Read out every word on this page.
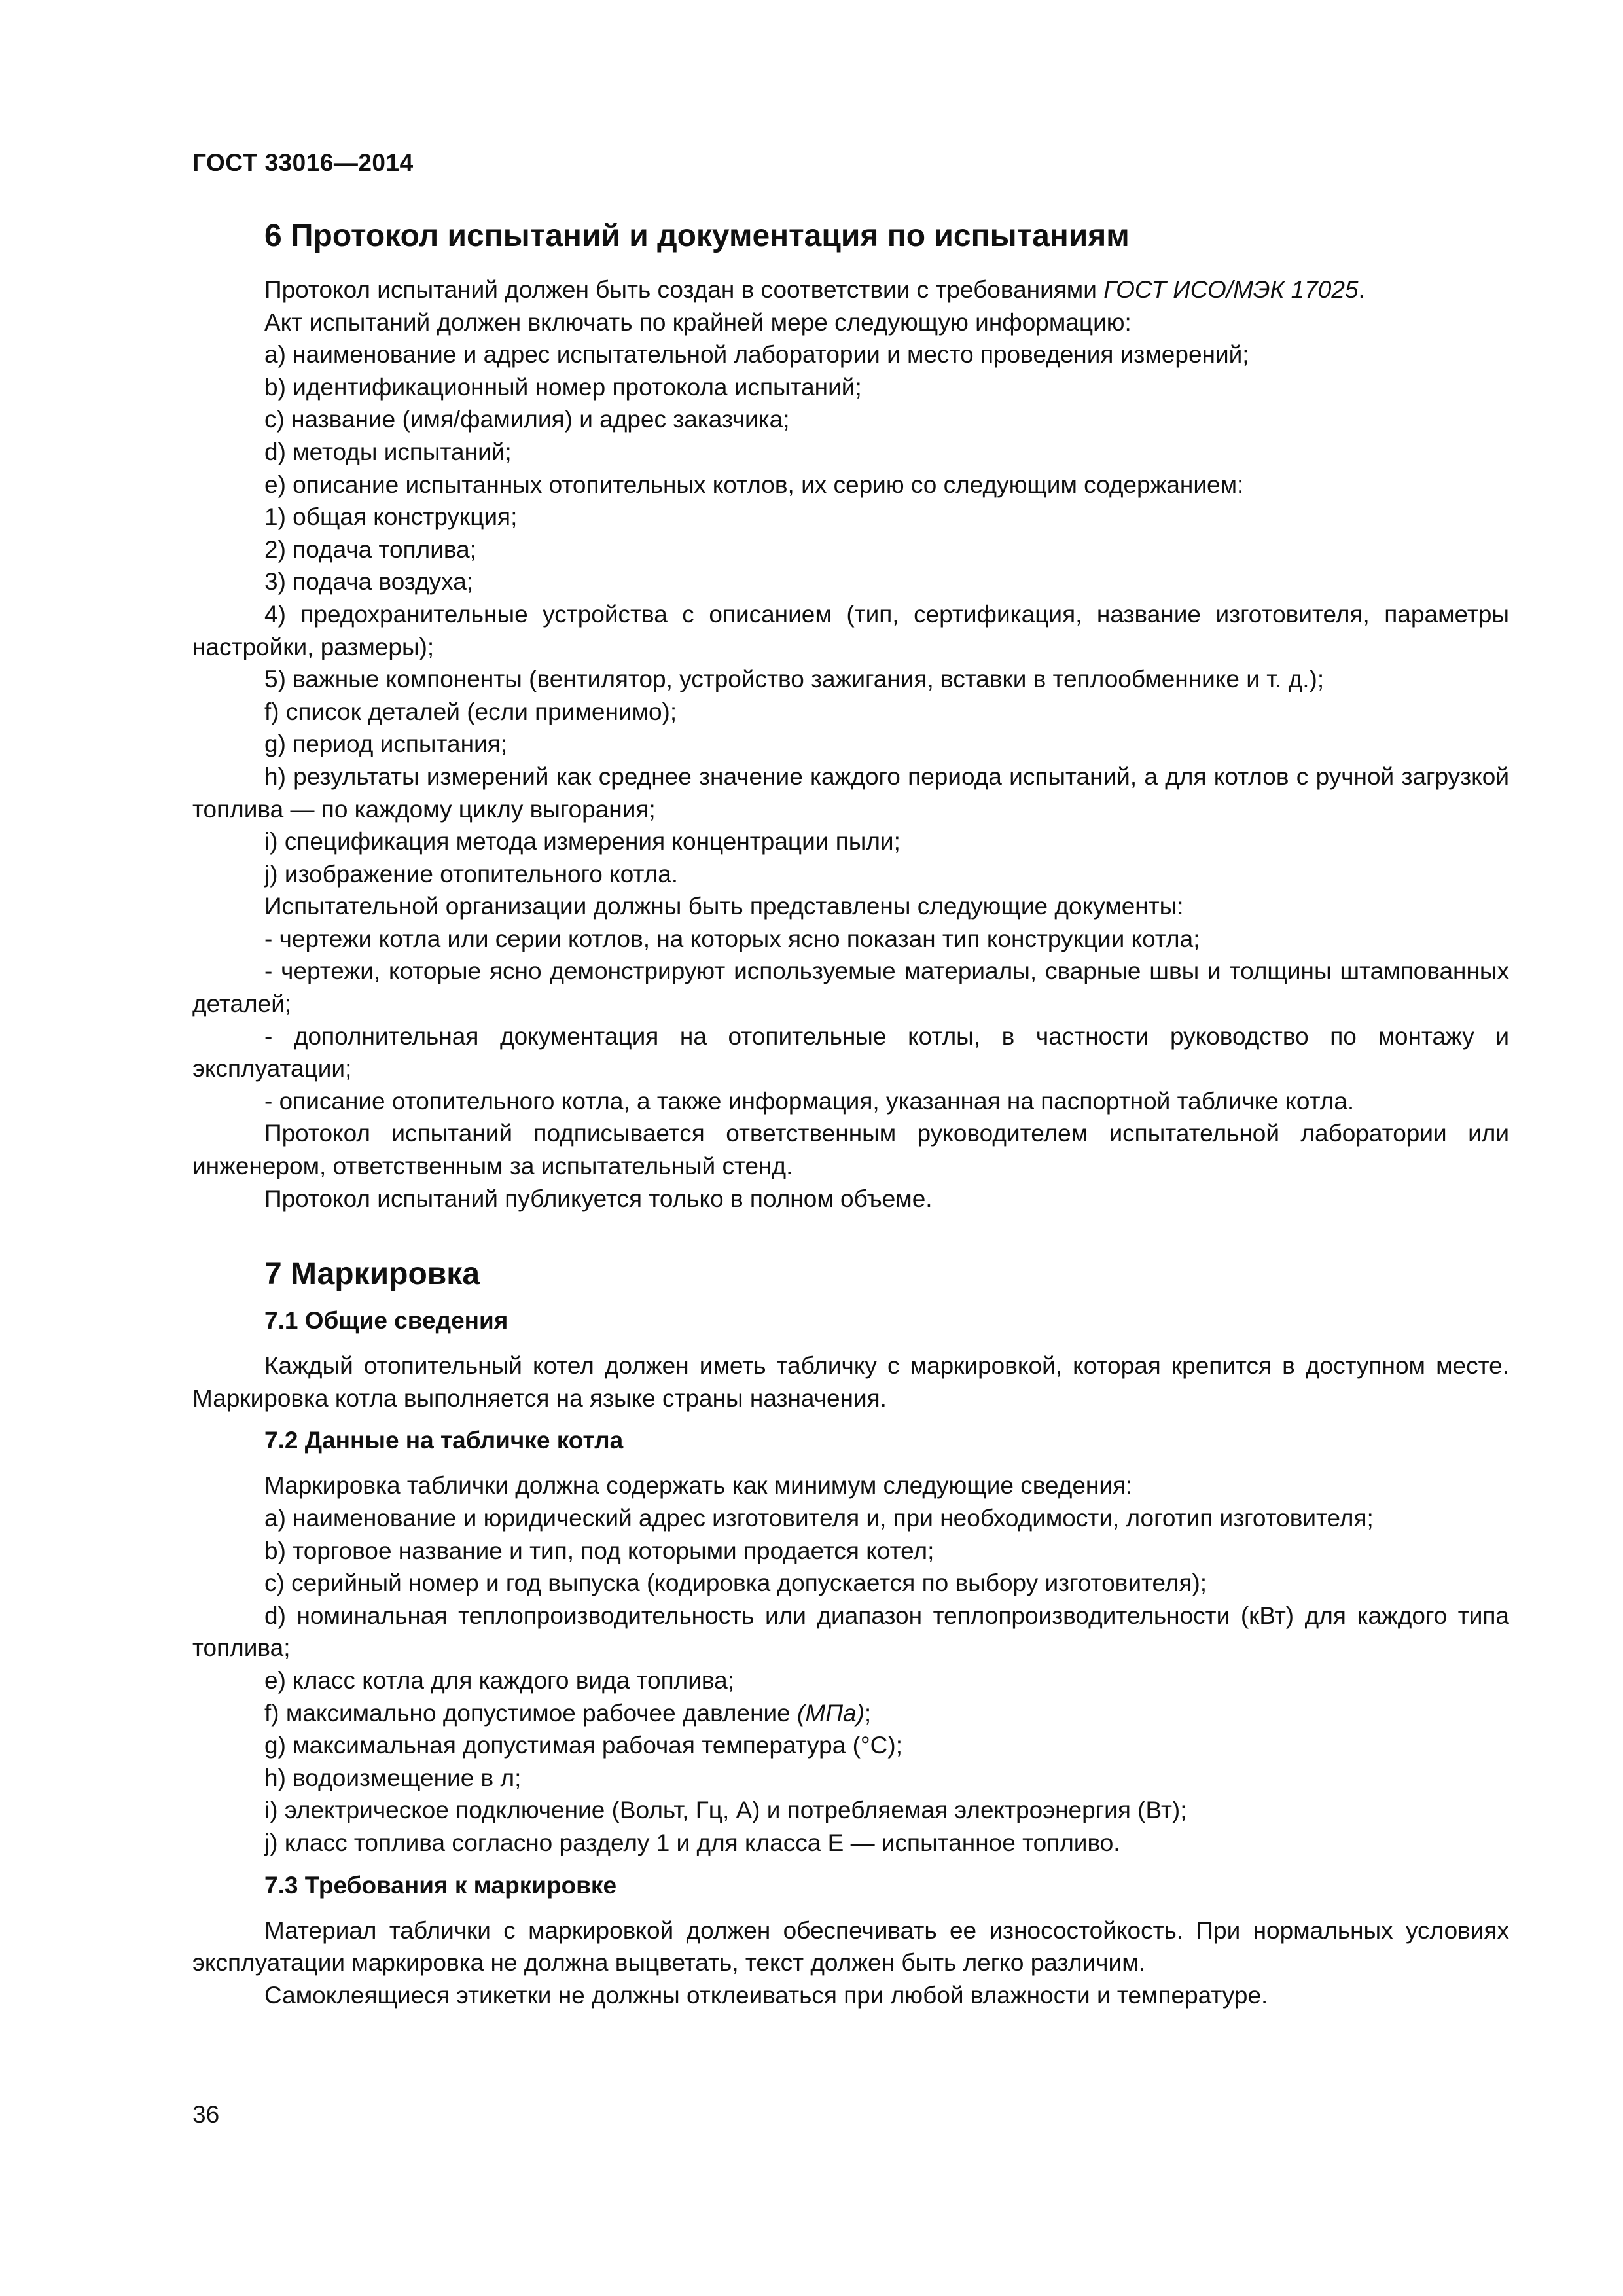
ГОСТ 33016—2014
6 Протокол испытаний и документация по испытаниям

Протокол испытаний должен быть создан в соответствии с требованиями ГОСТ ИСО/МЭК 17025.

Акт испытаний должен включать по крайней мере следующую информацию:

а) наименование и адрес испытательной лаборатории и место проведения измерений;

b) идентификационный номер протокола испытаний;

c) название (имя/фамилия) и адрес заказчика;

d) методы испытаний;

e) описание испытанных отопительных котлов, их серию со следующим содержанием:

1) общая конструкция;

2) подача топлива;

3) подача воздуха;

4) предохранительные устройства с описанием (тип, сертификация, название изготовителя, параметры настройки, размеры);

5) важные компоненты (вентилятор, устройство зажигания, вставки в теплообменнике и т. д.);

f) список деталей (если применимо);

g) период испытания;

h) результаты измерений как среднее значение каждого периода испытаний, а для котлов с ручной загрузкой топлива — по каждому циклу выгорания;

i) спецификация метода измерения концентрации пыли;

j) изображение отопительного котла.

Испытательной организации должны быть представлены следующие документы:

- чертежи котла или серии котлов, на которых ясно показан тип конструкции котла;

- чертежи, которые ясно демонстрируют используемые материалы, сварные швы и толщины штампованных деталей;

- дополнительная документация на отопительные котлы, в частности руководство по монтажу и эксплуатации;

- описание отопительного котла, а также информация, указанная на паспортной табличке котла.

Протокол испытаний подписывается ответственным руководителем испытательной лаборатории или инженером, ответственным за испытательный стенд.

Протокол испытаний публикуется только в полном объеме.

7 Маркировка
7.1 Общие сведения

Каждый отопительный котел должен иметь табличку с маркировкой, которая крепится в доступном месте. Маркировка котла выполняется на языке страны назначения.

7.2 Данные на табличке котла

Маркировка таблички должна содержать как минимум следующие сведения:

а) наименование и юридический адрес изготовителя и, при необходимости, логотип изготовителя;

b) торговое название и тип, под которыми продается котел;

c) серийный номер и год выпуска (кодировка допускается по выбору изготовителя);

d) номинальная теплопроизводительность или диапазон теплопроизводительности (кВт) для каждого типа топлива;

e) класс котла для каждого вида топлива;

f) максимально допустимое рабочее давление (МПа);

g) максимальная допустимая рабочая температура (°C);

h) водоизмещение в л;

i) электрическое подключение (Вольт, Гц, А) и потребляемая электроэнергия (Вт);

j) класс топлива согласно разделу 1 и для класса Е — испытанное топливо.

7.3 Требования к маркировке

Материал таблички с маркировкой должен обеспечивать ее износостойкость. При нормальных условиях эксплуатации маркировка не должна выцветать, текст должен быть легко различим.

Самоклеящиеся этикетки не должны отклеиваться при любой влажности и температуре.

36
